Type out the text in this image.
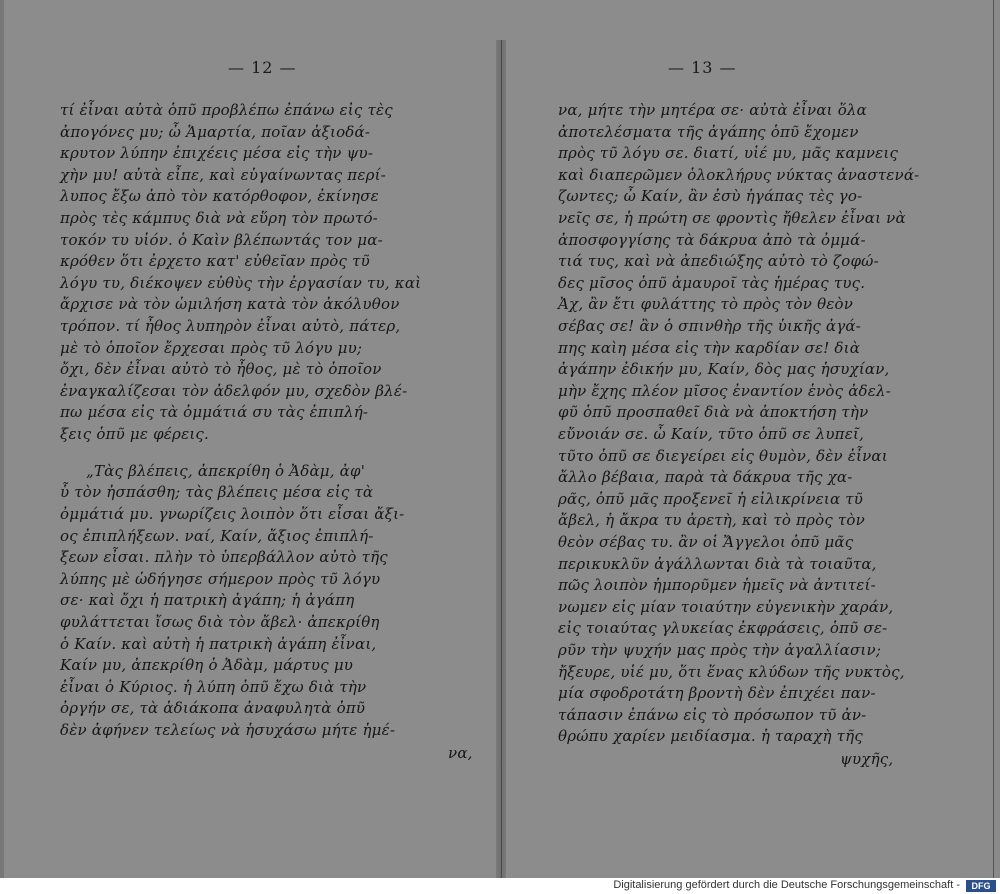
— 12 —
τί ἐἶναι αὐτὰ ὁπῦ προβλέπω ἐπάνω εἰς τὲς
ἀπογόνες μυ; ὦ Ἁμαρτία, ποῖαν ἀξιοδά-
κρυτον λύπην ἐπιχέεις μέσα εἰς τὴν ψυ-
χὴν μυ! αὐτὰ εἶπε, καὶ εὑγαίνωντας περί-
λυπος ἔξω ἀπὸ τὸν κατόρθοφον, ἐκίνησε
πρὸς τὲς κάμπυς διὰ νὰ εὕρη τὸν πρωτό-
τοκόν τυ υἱόν. ὁ Καὶν βλέπωντάς τον μα-
κρόθεν ὅτι ἐρχετο κατ' εὐθεῖαν πρὸς τῦ
λόγυ τυ, διέκοψεν εὐθὺς τὴν ἐργασίαν τυ, καὶ
ἄρχισε νὰ τὸν ὡμιλήση κατὰ τὸν ἀκόλυθον
τρόπον. τί ἦθος λυπηρὸν ἐἶναι αὐτὸ, πάτερ,
μὲ τὸ ὁποῖον ἔρχεσαι πρὸς τῦ λόγυ μυ;
ὄχι, δὲν ἐἶναι αὐτὸ τὸ ἦθος, μὲ τὸ ὁποῖον
ἐναγκαλίζεσαι τὸν ἀδελφόν μυ, σχεδὸν βλέ-
πω μέσα εἰς τὰ ὀμμάτιά συ τὰς ἐπιπλή-
ξεις ὁπῦ με φέρεις.
„Τὰς βλέπεις, ἀπεκρίθη ὁ Ἀδὰμ, ἀφ'
ὗ τὸν ἠσπάσθη; τὰς βλέπεις μέσα εἰς τὰ
ὀμμάτιά μυ. γνωρίζεις λοιπὸν ὅτι εἶσαι ἄξι-
ος ἐπιπλήξεων. ναί, Καίν, ἄξιος ἐπιπλή-
ξεων εἶσαι. πλὴν τὸ ὑπερβάλλον αὐτὸ τῆς
λύπης μὲ ὡδήγησε σήμερον πρὸς τῦ λόγυ
σε· καὶ ὄχι ἡ πατρικὴ ἀγάπη; ἡ ἀγάπη
φυλάττεται ἴσως διὰ τὸν ἄβελ· ἀπεκρίθη
ὁ Καίν. καὶ αὐτὴ ἡ πατρικὴ ἀγάπη ἐἶναι,
Καίν μυ, ἀπεκρίθη ὁ Ἀδὰμ, μάρτυς μυ
ἐἶναι ὁ Κύριος. ἡ λύπη ὁπῦ ἔχω διὰ τὴν
ὀργήν σε, τὰ ἀδιάκοπα ἀναφυλητὰ ὁπῦ
δὲν ἀφήνεν τελείως νὰ ἡσυχάσω μήτε ἡμέ-
να,
— 13 —
να, μήτε τὴν μητέρα σε· αὐτὰ ἐἶναι ὅλα
ἀποτελέσματα τῆς ἀγάπης ὁπῦ ἔχομεν
πρὸς τῦ λόγυ σε. διατί, υἱέ μυ, μᾶς καμνεις
καὶ διαπερῶμεν ὁλοκλήρυς νύκτας ἀναστενά-
ζωντες; ὦ Καίν, ἂν ἐσὺ ἠγάπας τὲς γο-
νεῖς σε, ἡ πρώτη σε φροντὶς ἤθελεν ἐἶναι νὰ
ἀποσφογγίσης τὰ δάκρυα ἀπὸ τὰ ὀμμά-
τιά τυς, καὶ νὰ ἀπεδιώξης αὐτὸ τὸ ζοφώ-
δες μῖσος ὁπῦ ἀμαυροῖ τὰς ἡμέρας τυς.
Ἀχ, ἂν ἔτι φυλάττης τὸ πρὸς τὸν θεὸν
σέβας σε! ἂν ὁ σπινθὴρ τῆς ὑικῆς ἀγά-
πης καὶη μέσα εἰς τὴν καρδίαν σε! διὰ
ἀγάπην ἐδικήν μυ, Καίν, δὸς μας ἡσυχίαν,
μὴν ἔχης πλέον μῖσος ἐναντίον ἑνὸς ἀδελ-
φῦ ὁπῦ προσπαθεῖ διὰ νὰ ἀποκτήση τὴν
εὔνοιάν σε. ὦ Καίν, τῦτο ὁπῦ σε λυπεῖ,
τῦτο ὁπῦ σε διεγείρει εἰς θυμὸν, δὲν ἐἶναι
ἄλλο βέβαια, παρὰ τὰ δάκρυα τῆς χα-
ρᾶς, ὁπῦ μᾶς προξενεῖ ἡ εἰλικρίνεια τῦ
ἄβελ, ἡ ἄκρα τυ ἀρετὴ, καὶ τὸ πρὸς τὸν
θεὸν σέβας τυ. ἂν οἱ Ἄγγελοι ὁπῦ μᾶς
περικυκλῦν ἀγάλλωνται διὰ τὰ τοιαῦτα,
πῶς λοιπὸν ἠμπορῦμεν ἡμεῖς νὰ ἀντιτεί-
νωμεν εἰς μίαν τοιαύτην εὐγενικὴν χαράν,
εἰς τοιαύτας γλυκείας ἐκφράσεις, ὁπῦ σε-
ρῦν τὴν ψυχήν μας πρὸς τὴν ἀγαλλίασιν;
ἤξευρε, υἱέ μυ, ὅτι ἕνας κλύδων τῆς νυκτὸς,
μία σφοδροτάτη βροντὴ δὲν ἐπιχέει παν-
τάπασιν ἐπάνω εἰς τὸ πρόσωπον τῦ ἀν-
θρώπυ χαρίεν μειδίασμα. ἡ ταραχὴ τῆς
ψυχῆς,
Digitalisierung gefördert durch die Deutsche Forschungsgemeinschaft -	DFG
